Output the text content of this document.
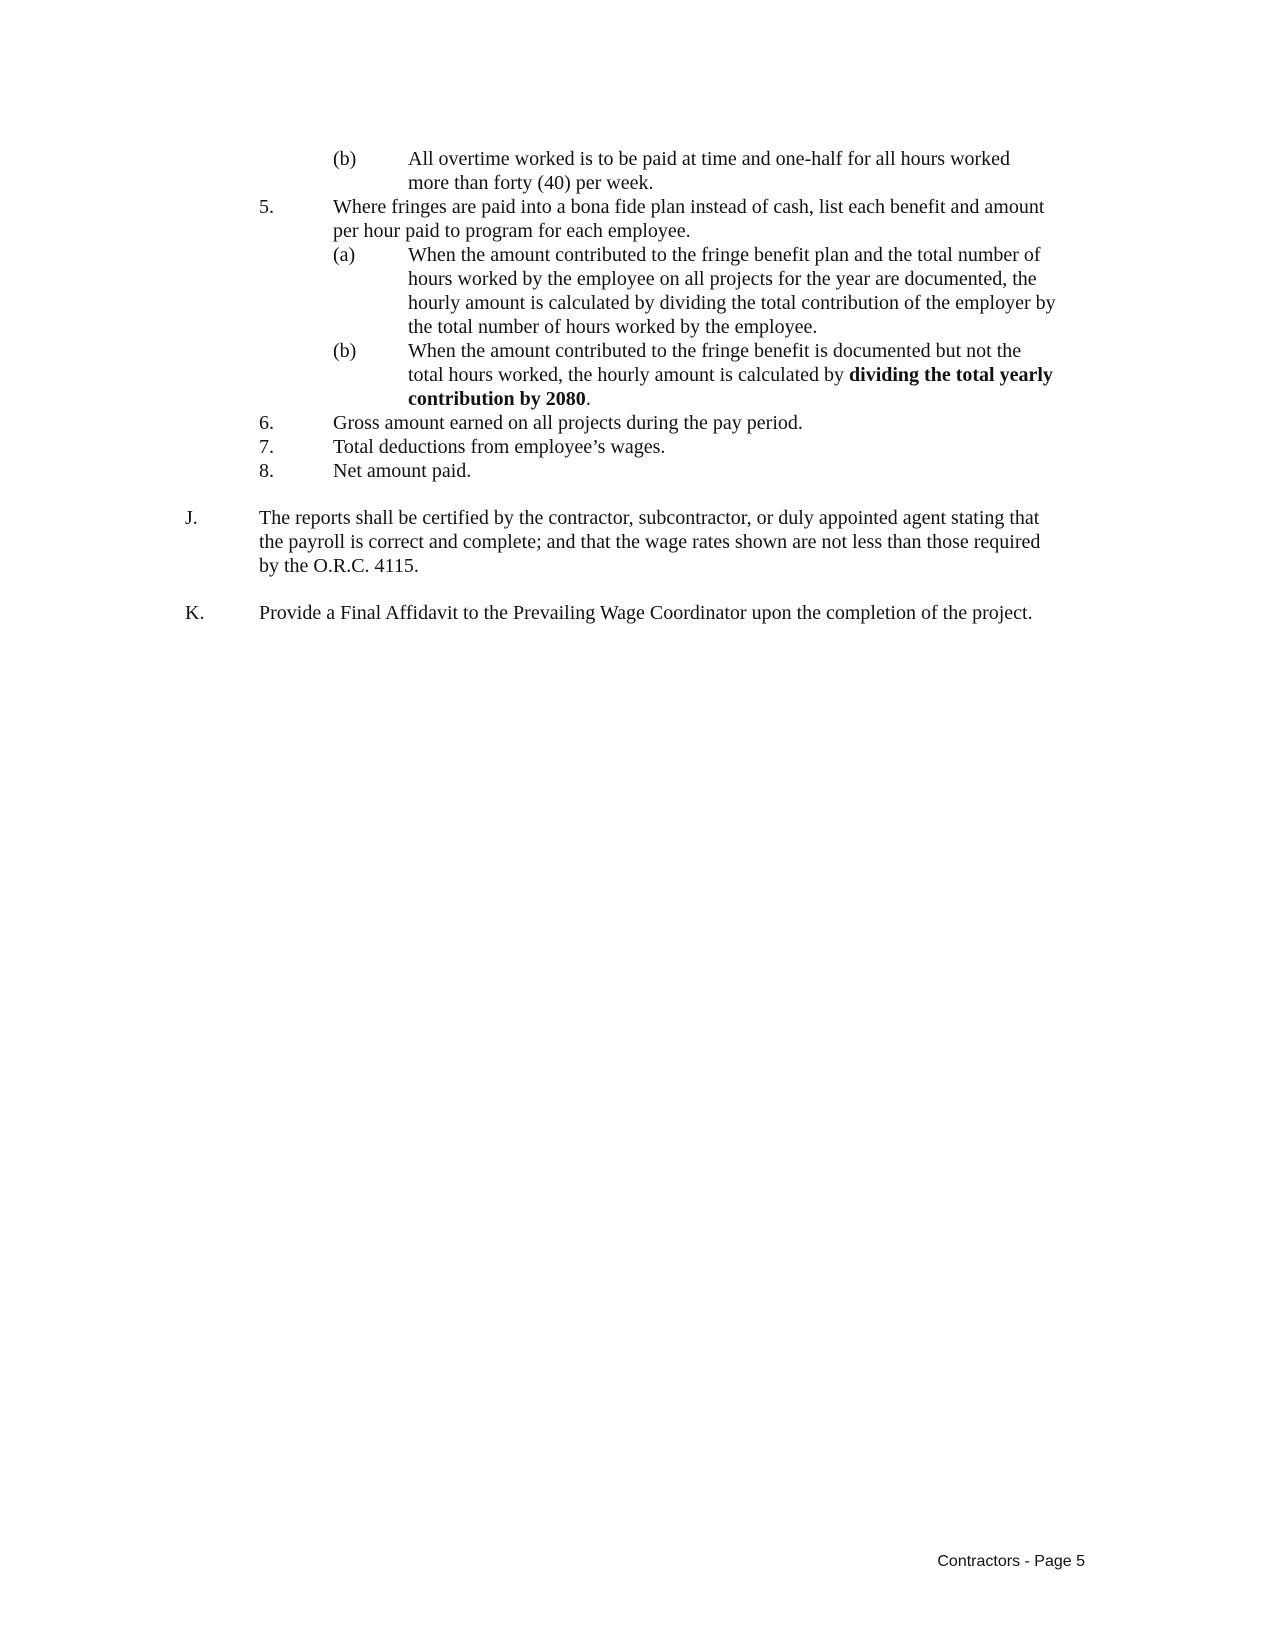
(b)	All overtime worked is to be paid at time and one-half for all hours worked
more than forty (40) per week.
5.	Where fringes are paid into a bona fide plan instead of cash, list each benefit and amount
per hour paid to program for each employee.
(a)	When the amount contributed to the fringe benefit plan and the total number of
hours worked by the employee on all projects for the year are documented, the
hourly amount is calculated by dividing the total contribution of the employer by
the total number of hours worked by the employee.
(b)	When the amount contributed to the fringe benefit is documented but not the
total hours worked, the hourly amount is calculated by dividing the total yearly
contribution by 2080.
6.	Gross amount earned on all projects during the pay period.
7.	Total deductions from employee’s wages.
8.	Net amount paid.
J.	The reports shall be certified by the contractor, subcontractor, or duly appointed agent stating that
the payroll is correct and complete; and that the wage rates shown are not less than those required
by the O.R.C. 4115.
K.	Provide a Final Affidavit to the Prevailing Wage Coordinator upon the completion of the project.
Contractors - Page 5
